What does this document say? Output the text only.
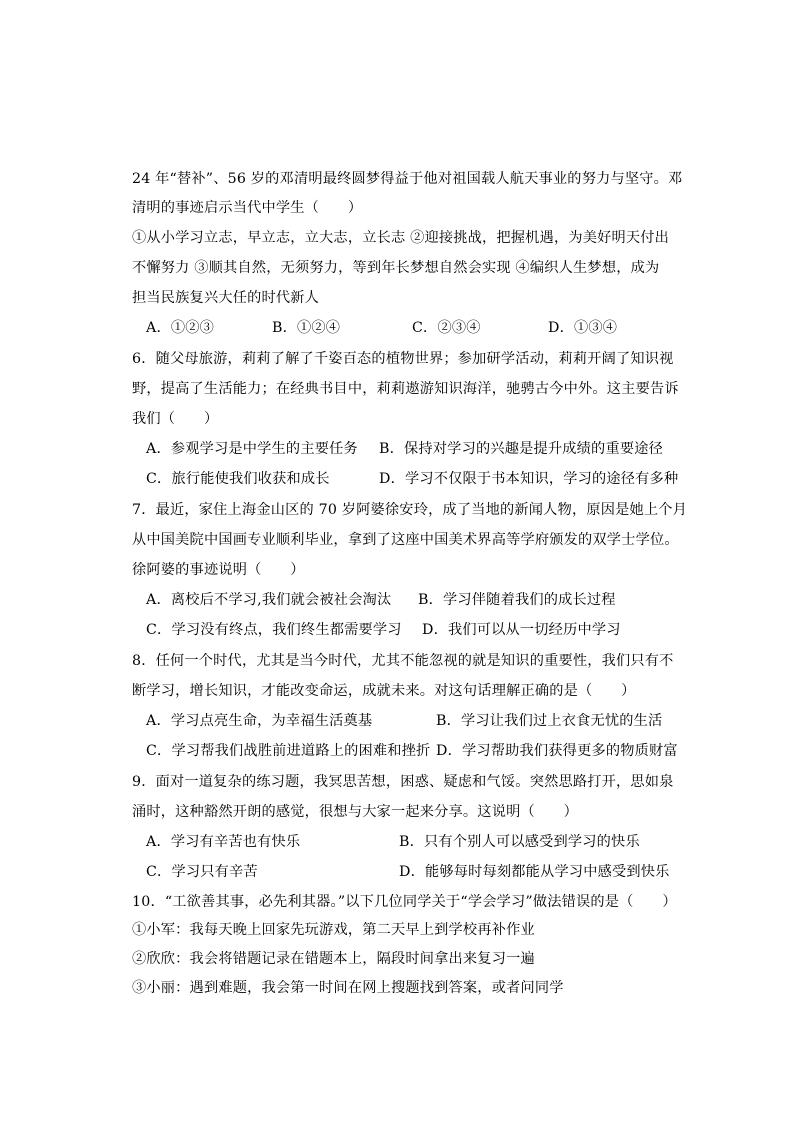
24 年“替补”、56 岁的邓清明最终圆梦得益于他对祖国载人航天事业的努力与坚守。邓
清明的事迹启示当代中学生（　　）
①从小学习立志，早立志，立大志，立长志 ②迎接挑战，把握机遇，为美好明天付出
不懈努力 ③顺其自然，无须努力，等到年长梦想自然会实现 ④编织人生梦想，成为
担当民族复兴大任的时代新人
A．①②③	B．①②④	C．②③④	D．①③④
6．随父母旅游，莉莉了解了千姿百态的植物世界；参加研学活动，莉莉开阔了知识视
野，提高了生活能力；在经典书目中，莉莉遨游知识海洋，驰骋古今中外。这主要告诉
我们（　　）
A．参观学习是中学生的主要任务 B．保持对学习的兴趣是提升成绩的重要途径
C．旅行能使我们收获和成长	D．学习不仅限于书本知识，学习的途径有多种
7．最近，家住上海金山区的 70 岁阿婆徐安玲，成了当地的新闻人物，原因是她上个月
从中国美院中国画专业顺利毕业，拿到了这座中国美术界高等学府颁发的双学士学位。
徐阿婆的事迹说明（　　）
A．离校后不学习,我们就会被社会淘汰 B．学习伴随着我们的成长过程
C．学习没有终点，我们终生都需要学习 D．我们可以从一切经历中学习
8．任何一个时代，尤其是当今时代，尤其不能忽视的就是知识的重要性，我们只有不
断学习，增长知识，才能改变命运，成就未来。对这句话理解正确的是（　　）
A．学习点亮生命，为幸福生活奠基	B．学习让我们过上衣食无忧的生活
C．学习帮我们战胜前进道路上的困难和挫折 D．学习帮助我们获得更多的物质财富
9．面对一道复杂的练习题，我冥思苦想，困惑、疑虑和气馁。突然思路打开，思如泉
涌时，这种豁然开朗的感觉，很想与大家一起来分享。这说明（　　）
A．学习有辛苦也有快乐	B．只有个别人可以感受到学习的快乐
C．学习只有辛苦	D．能够每时每刻都能从学习中感受到快乐
10．“工欲善其事，必先利其器。”以下几位同学关于“学会学习”做法错误的是（　　）
①小军：我每天晚上回家先玩游戏，第二天早上到学校再补作业
②欣欣：我会将错题记录在错题本上，隔段时间拿出来复习一遍
③小丽：遇到难题，我会第一时间在网上搜题找到答案，或者问同学
